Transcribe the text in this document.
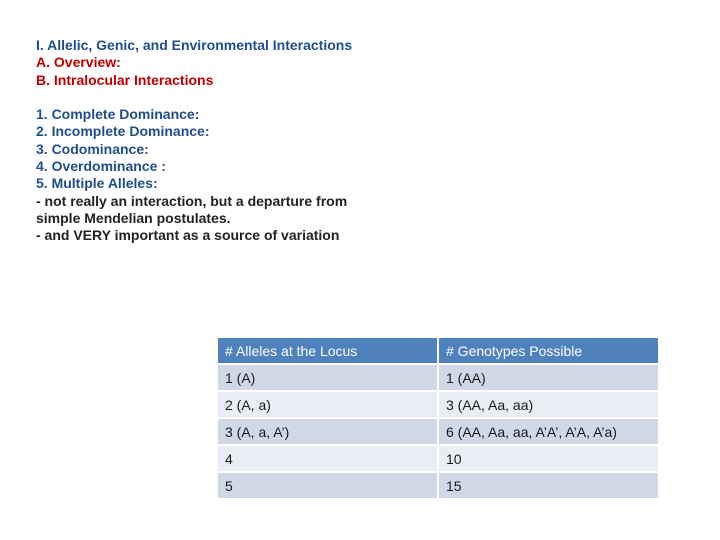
I. Allelic, Genic, and Environmental Interactions
A. Overview:
B. Intralocular Interactions
1. Complete Dominance:
2. Incomplete Dominance:
3. Codominance:
4. Overdominance :
5. Multiple Alleles:
- not really an interaction, but a departure from
simple Mendelian postulates.
- and VERY important as a source of variation
# Alleles at the Locus	# Genotypes Possible
1 (A)	1 (AA)
2 (A, a)	3 (AA, Aa, aa)
3 (A, a, A’)	6 (AA, Aa, aa, A’A’, A’A, A’a)
4	10
5	15
